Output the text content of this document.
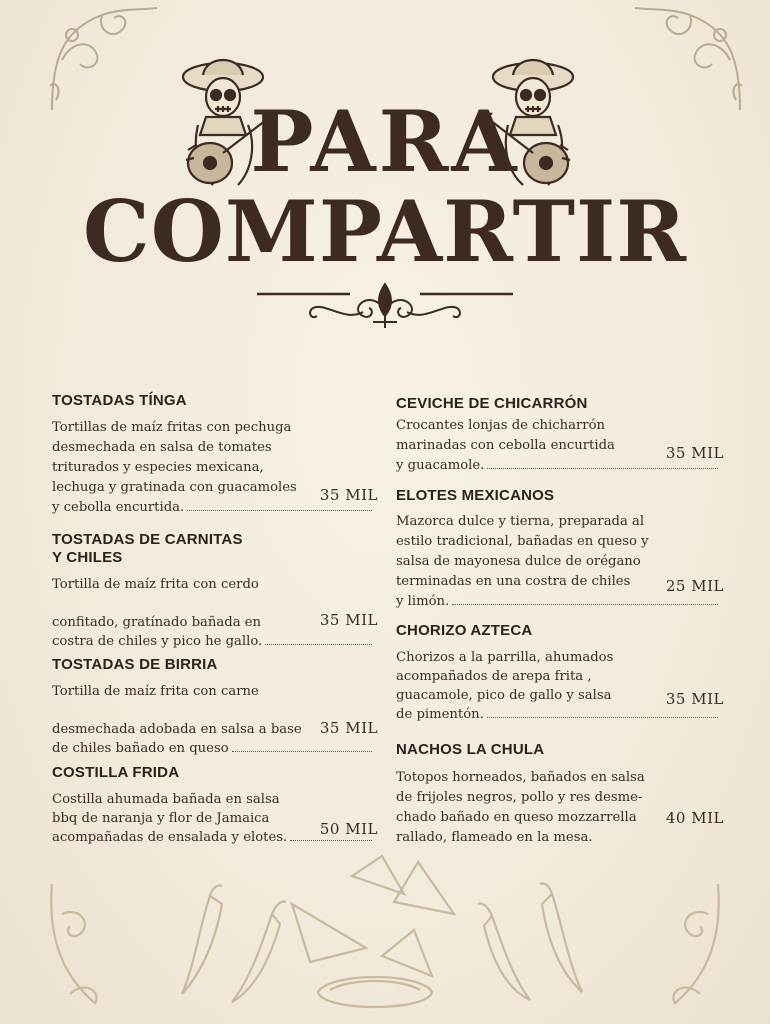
PARA
COMPARTIR
TOSTADAS TÍNGA
Tortillas de maíz fritas con pechuga
desmechada en salsa de tomates
triturados y especies mexicana,
lechuga y gratinada con guacamoles
y cebolla encurtida.
35 MIL
TOSTADAS DE CARNITAS
Y CHILES
Tortilla de maíz frita con cerdo

confitado, gratínado bañada en
costra de chiles y pico he gallo.
35 MIL
TOSTADAS DE BIRRIA
Tortilla de maíz frita con carne

desmechada adobada en salsa a base
de chiles bañado en queso
35 MIL
COSTILLA FRIDA
Costilla ahumada bañada en salsa
bbq de naranja y flor de Jamaica
acompañadas de ensalada y elotes. 50 MIL
CEVICHE DE CHICARRÓN
Crocantes lonjas de chicharrón
marinadas con cebolla encurtida
y guacamole.
35 MIL
ELOTES MEXICANOS
Mazorca dulce y tierna, preparada al
estilo tradicional, bañadas en queso y
salsa de mayonesa dulce de orégano
terminadas en una costra de chiles
y limón.
25 MIL
CHORIZO AZTECA
Chorizos a la parrilla, ahumados
acompañados de arepa frita ,
guacamole, pico de gallo y salsa
de pimentón.
35 MIL
NACHOS LA CHULA
Totopos horneados, bañados en salsa
de frijoles negros, pollo y res desme-
chado bañado en queso mozzarrella
rallado, flameado en la mesa.
40 MIL
